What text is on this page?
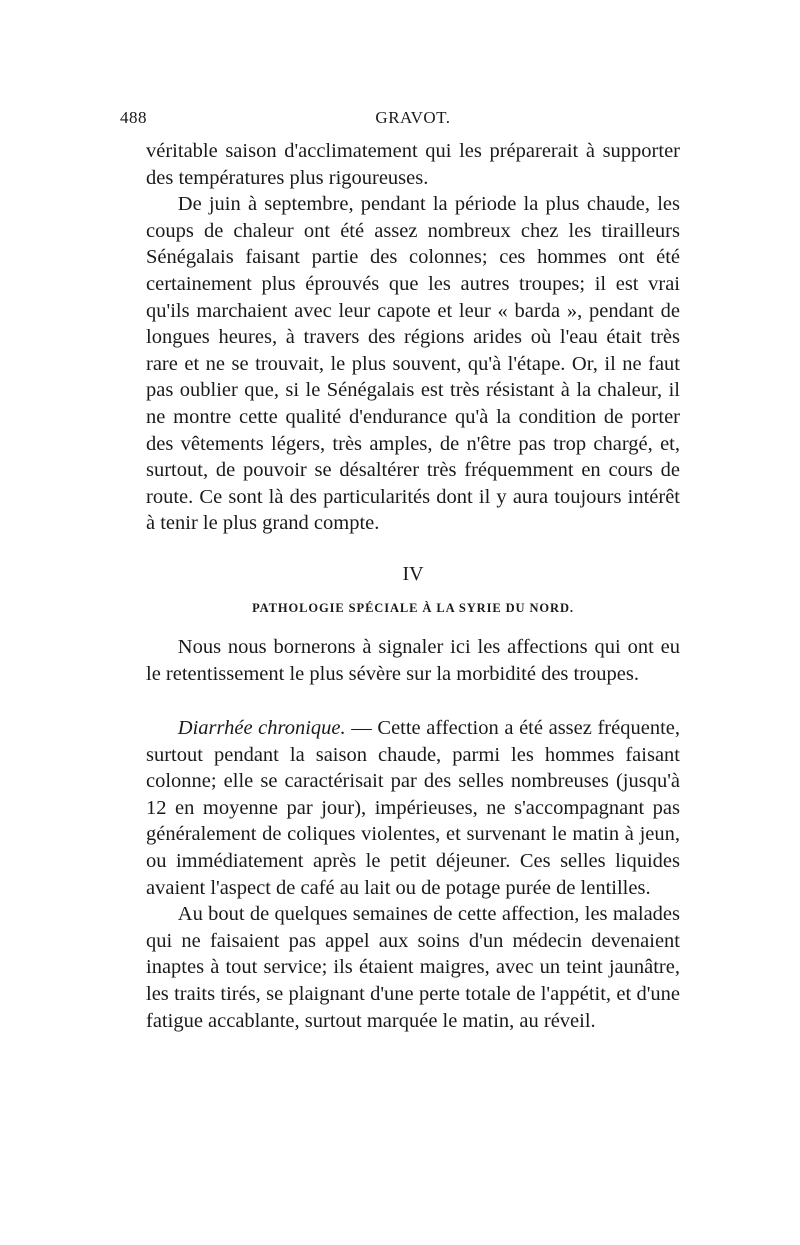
488	GRAVOT.

véritable saison d'acclimatement qui les préparerait à supporter des températures plus rigoureuses.

De juin à septembre, pendant la période la plus chaude, les coups de chaleur ont été assez nombreux chez les tirailleurs Sénégalais faisant partie des colonnes; ces hommes ont été certainement plus éprouvés que les autres troupes; il est vrai qu'ils marchaient avec leur capote et leur « barda », pendant de longues heures, à travers des régions arides où l'eau était très rare et ne se trouvait, le plus souvent, qu'à l'étape. Or, il ne faut pas oublier que, si le Sénégalais est très résistant à la chaleur, il ne montre cette qualité d'endurance qu'à la condition de porter des vêtements légers, très amples, de n'être pas trop chargé, et, surtout, de pouvoir se désaltérer très fréquemment en cours de route. Ce sont là des particularités dont il y aura toujours intérêt à tenir le plus grand compte.

IV
PATHOLOGIE SPÉCIALE À LA SYRIE DU NORD.

Nous nous bornerons à signaler ici les affections qui ont eu le retentissement le plus sévère sur la morbidité des troupes.

Diarrhée chronique. — Cette affection a été assez fréquente, surtout pendant la saison chaude, parmi les hommes faisant colonne; elle se caractérisait par des selles nombreuses (jusqu'à 12 en moyenne par jour), impérieuses, ne s'accompagnant pas généralement de coliques violentes, et survenant le matin à jeun, ou immédiatement après le petit déjeuner. Ces selles liquides avaient l'aspect de café au lait ou de potage purée de lentilles.

Au bout de quelques semaines de cette affection, les malades qui ne faisaient pas appel aux soins d'un médecin devenaient inaptes à tout service; ils étaient maigres, avec un teint jaunâtre, les traits tirés, se plaignant d'une perte totale de l'appétit, et d'une fatigue accablante, surtout marquée le matin, au réveil.
